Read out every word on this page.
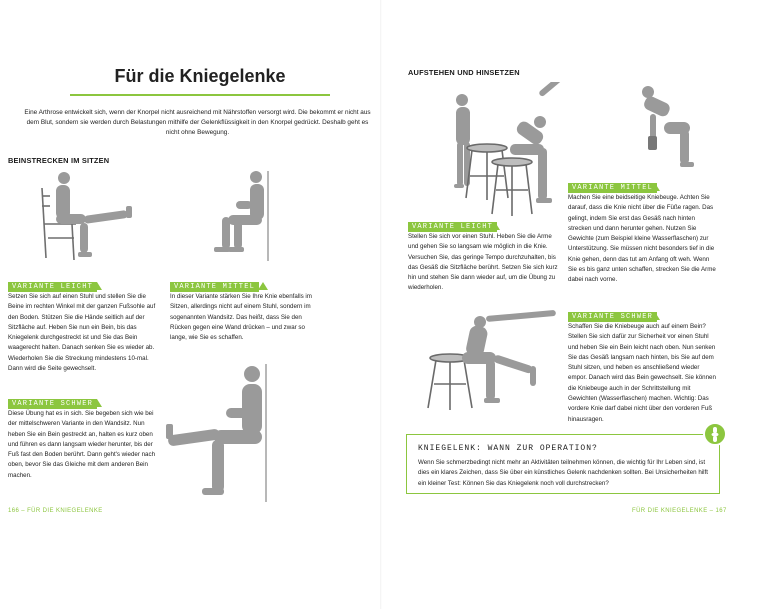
Für die Kniegelenke
Eine Arthrose entwickelt sich, wenn der Knorpel nicht ausreichend mit Nährstoffen versorgt wird. Die bekommt er nicht aus dem Blut, sondern sie werden durch Belastungen mithilfe der Gelenkflüssigkeit in den Knorpel gedrückt. Deshalb geht es nicht ohne Bewegung.
BEINSTRECKEN IM SITZEN
VARIANTE LEICHT
Setzen Sie sich auf einen Stuhl und stellen Sie die Beine im rechten Winkel mit der ganzen Fußsohle auf den Boden. Stützen Sie die Hände seitlich auf der Sitzfläche auf. Heben Sie nun ein Bein, bis das Kniegelenk durchgestreckt ist und Sie das Bein waagerecht halten. Danach senken Sie es wieder ab. Wiederholen Sie die Streckung mindestens 10-mal. Dann wird die Seite gewechselt.
VARIANTE MITTEL
In dieser Variante stärken Sie Ihre Knie ebenfalls im Sitzen, allerdings nicht auf einem Stuhl, sondern im sogenannten Wandsitz. Das heißt, dass Sie den Rücken gegen eine Wand drücken – und zwar so lange, wie Sie es schaffen.
VARIANTE SCHWER
Diese Übung hat es in sich. Sie begeben sich wie bei der mittelschweren Variante in den Wandsitz. Nun heben Sie ein Bein gestreckt an, halten es kurz oben und führen es dann langsam wieder herunter, bis der Fuß fast den Boden berührt. Dann geht's wieder nach oben, bevor Sie das Gleiche mit dem anderen Bein machen.
166 – FÜR DIE KNIEGELENKE
AUFSTEHEN UND HINSETZEN
VARIANTE MITTEL
Machen Sie eine beidseitige Kniebeuge. Achten Sie darauf, dass die Knie nicht über die Füße ragen. Das gelingt, indem Sie erst das Gesäß nach hinten strecken und dann herunter gehen. Nutzen Sie Gewichte (zum Beispiel kleine Wasserflaschen) zur Unterstützung. Sie müssen nicht besonders tief in die Knie gehen, denn das tut am Anfang oft weh. Wenn Sie es bis ganz unten schaffen, strecken Sie die Arme dabei nach vorne.
VARIANTE LEICHT
Stellen Sie sich vor einen Stuhl. Heben Sie die Arme und gehen Sie so langsam wie möglich in die Knie. Versuchen Sie, das geringe Tempo durchzuhalten, bis das Gesäß die Sitzfläche berührt. Setzen Sie sich kurz hin und stehen Sie dann wieder auf, um die Übung zu wiederholen.
VARIANTE SCHWER
Schaffen Sie die Kniebeuge auch auf einem Bein? Stellen Sie sich dafür zur Sicherheit vor einen Stuhl und heben Sie ein Bein leicht nach oben. Nun senken Sie das Gesäß langsam nach hinten, bis Sie auf dem Stuhl sitzen, und heben es anschließend wieder empor. Danach wird das Bein gewechselt. Sie können die Kniebeuge auch in der Schrittstellung mit Gewichten (Wasserflaschen) machen. Wichtig: Das vordere Knie darf dabei nicht über den vorderen Fuß hinausragen.
KNIEGELENK: WANN ZUR OPERATION?
Wenn Sie schmerzbedingt nicht mehr an Aktivitäten teilnehmen können, die wichtig für Ihr Leben sind, ist dies ein klares Zeichen, dass Sie über ein künstliches Gelenk nachdenken sollten. Bei Unsicherheiten hilft ein kleiner Test: Können Sie das Kniegelenk noch voll durchstrecken?
FÜR DIE KNIEGELENKE – 167
